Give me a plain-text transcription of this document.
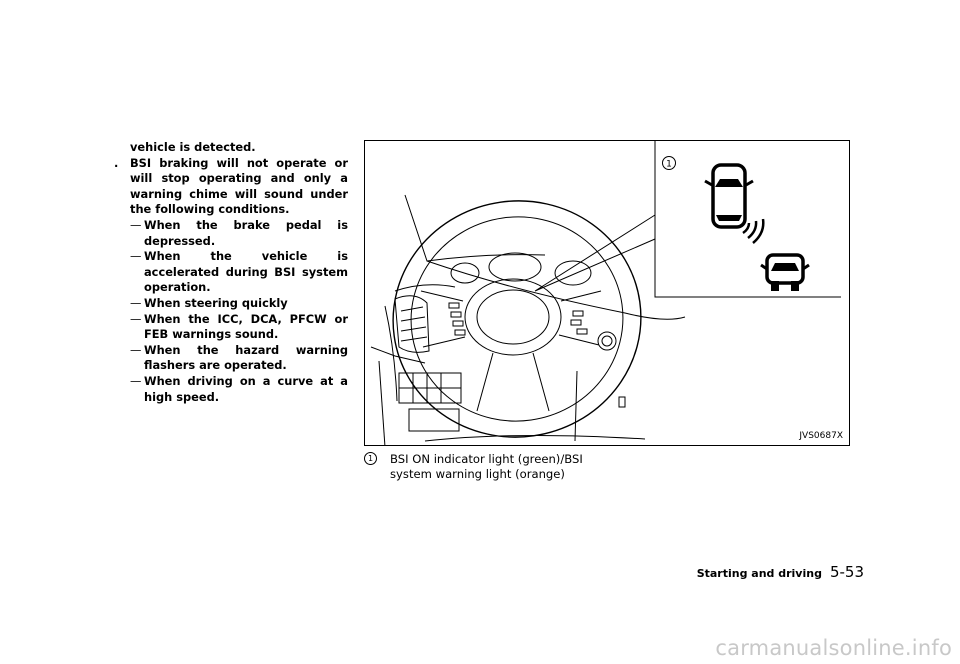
vehicle is detected.

. BSI braking will not operate or will stop operating and only a warning chime will sound under the following conditions.

— When the brake pedal is depressed.

— When the vehicle is accelerated during BSI system operation.

— When steering quickly

— When the ICC, DCA, PFCW or FEB warnings sound.

— When the hazard warning flashers are operated.

— When driving on a curve at a high speed.

1
JVS0687X
1	BSI ON indicator light (green)/BSI system warning light (orange)
Starting and driving 5-53
carmanualsonline.info
